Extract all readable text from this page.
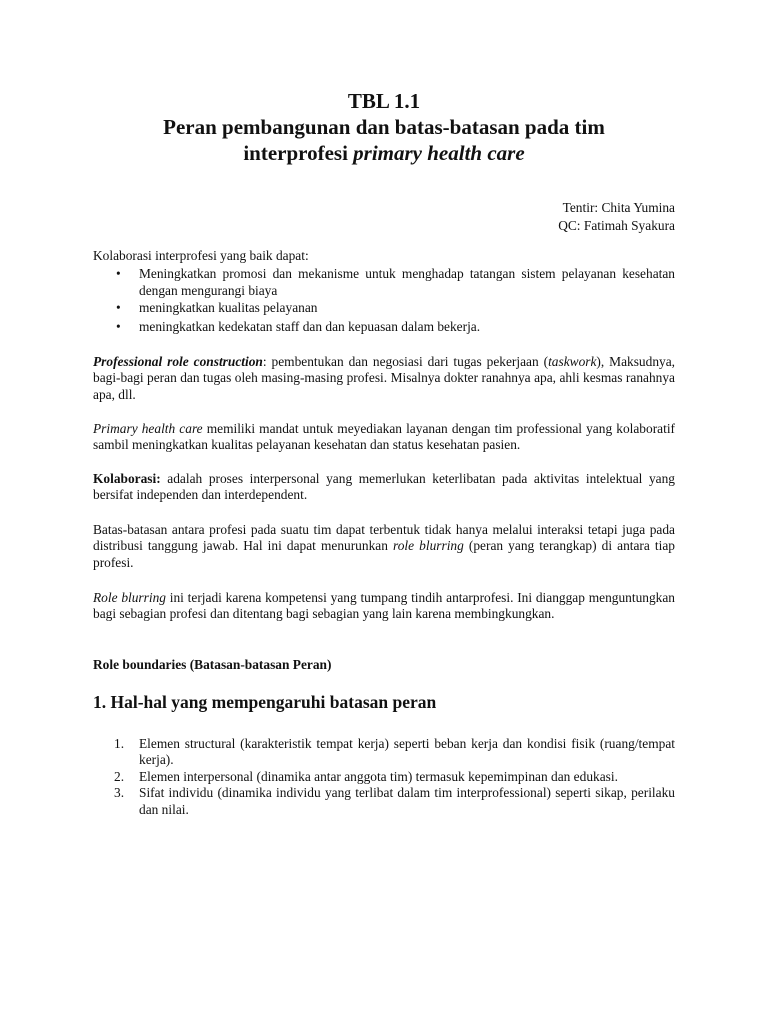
TBL 1.1
Peran pembangunan dan batas-batasan pada tim
interprofesi primary health care
Tentir: Chita Yumina
QC: Fatimah Syakura

Kolaborasi interprofesi yang baik dapat:

• Meningkatkan promosi dan mekanisme untuk menghadap tatangan sistem pelayanan kesehatan dengan mengurangi biaya
• meningkatkan kualitas pelayanan
• meningkatkan kedekatan staff dan dan kepuasan dalam bekerja.

Professional role construction: pembentukan dan negosiasi dari tugas pekerjaan (taskwork), Maksudnya, bagi-bagi peran dan tugas oleh masing-masing profesi. Misalnya dokter ranahnya apa, ahli kesmas ranahnya apa, dll.

Primary health care memiliki mandat untuk meyediakan layanan dengan tim professional yang kolaboratif sambil meningkatkan kualitas pelayanan kesehatan dan status kesehatan pasien.

Kolaborasi: adalah proses interpersonal yang memerlukan keterlibatan pada aktivitas intelektual yang bersifat independen dan interdependent.

Batas-batasan antara profesi pada suatu tim dapat terbentuk tidak hanya melalui interaksi tetapi juga pada distribusi tanggung jawab. Hal ini dapat menurunkan role blurring (peran yang terangkap) di antara tiap profesi.

Role blurring ini terjadi karena kompetensi yang tumpang tindih antarprofesi. Ini dianggap menguntungkan bagi sebagian profesi dan ditentang bagi sebagian yang lain karena membingkungkan.

Role boundaries (Batasan-batasan Peran)

1. Hal-hal yang mempengaruhi batasan peran
1. Elemen structural (karakteristik tempat kerja) seperti beban kerja dan kondisi fisik (ruang/tempat kerja).
2. Elemen interpersonal (dinamika antar anggota tim) termasuk kepemimpinan dan edukasi.
3. Sifat individu (dinamika individu yang terlibat dalam tim interprofessional) seperti sikap, perilaku dan nilai.
